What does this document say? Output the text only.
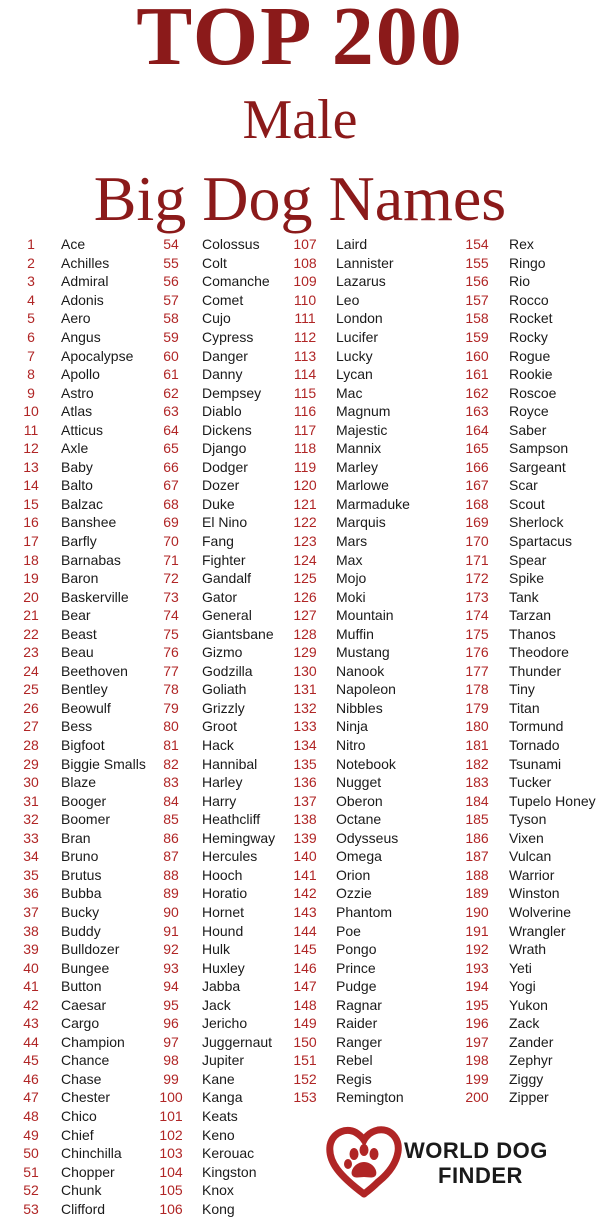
TOP 200
Male
Big Dog Names
1	Ace
2	Achilles
3	Admiral
4	Adonis
5	Aero
6	Angus
7	Apocalypse
8	Apollo
9	Astro
10	Atlas
11	Atticus
12	Axle
13	Baby
14	Balto
15	Balzac
16	Banshee
17	Barfly
18	Barnabas
19	Baron
20	Baskerville
21	Bear
22	Beast
23	Beau
24	Beethoven
25	Bentley
26	Beowulf
27	Bess
28	Bigfoot
29	Biggie Smalls
30	Blaze
31	Booger
32	Boomer
33	Bran
34	Bruno
35	Brutus
36	Bubba
37	Bucky
38	Buddy
39	Bulldozer
40	Bungee
41	Button
42	Caesar
43	Cargo
44	Champion
45	Chance
46	Chase
47	Chester
48	Chico
49	Chief
50	Chinchilla
51	Chopper
52	Chunk
53	Clifford
54	Colossus
55	Colt
56	Comanche
57	Comet
58	Cujo
59	Cypress
60	Danger
61	Danny
62	Dempsey
63	Diablo
64	Dickens
65	Django
66	Dodger
67	Dozer
68	Duke
69	El Nino
70	Fang
71	Fighter
72	Gandalf
73	Gator
74	General
75	Giantsbane
76	Gizmo
77	Godzilla
78	Goliath
79	Grizzly
80	Groot
81	Hack
82	Hannibal
83	Harley
84	Harry
85	Heathcliff
86	Hemingway
87	Hercules
88	Hooch
89	Horatio
90	Hornet
91	Hound
92	Hulk
93	Huxley
94	Jabba
95	Jack
96	Jericho
97	Juggernaut
98	Jupiter
99	Kane
100	Kanga
101	Keats
102	Keno
103	Kerouac
104	Kingston
105	Knox
106	Kong
107	Laird
108	Lannister
109	Lazarus
110	Leo
111	London
112	Lucifer
113	Lucky
114	Lycan
115	Mac
116	Magnum
117	Majestic
118	Mannix
119	Marley
120	Marlowe
121	Marmaduke
122	Marquis
123	Mars
124	Max
125	Mojo
126	Moki
127	Mountain
128	Muffin
129	Mustang
130	Nanook
131	Napoleon
132	Nibbles
133	Ninja
134	Nitro
135	Notebook
136	Nugget
137	Oberon
138	Octane
139	Odysseus
140	Omega
141	Orion
142	Ozzie
143	Phantom
144	Poe
145	Pongo
146	Prince
147	Pudge
148	Ragnar
149	Raider
150	Ranger
151	Rebel
152	Regis
153	Remington
154	Rex
155	Ringo
156	Rio
157	Rocco
158	Rocket
159	Rocky
160	Rogue
161	Rookie
162	Roscoe
163	Royce
164	Saber
165	Sampson
166	Sargeant
167	Scar
168	Scout
169	Sherlock
170	Spartacus
171	Spear
172	Spike
173	Tank
174	Tarzan
175	Thanos
176	Theodore
177	Thunder
178	Tiny
179	Titan
180	Tormund
181	Tornado
182	Tsunami
183	Tucker
184	Tupelo Honey
185	Tyson
186	Vixen
187	Vulcan
188	Warrior
189	Winston
190	Wolverine
191	Wrangler
192	Wrath
193	Yeti
194	Yogi
195	Yukon
196	Zack
197	Zander
198	Zephyr
199	Ziggy
200	Zipper
WORLD DOG
FINDER
